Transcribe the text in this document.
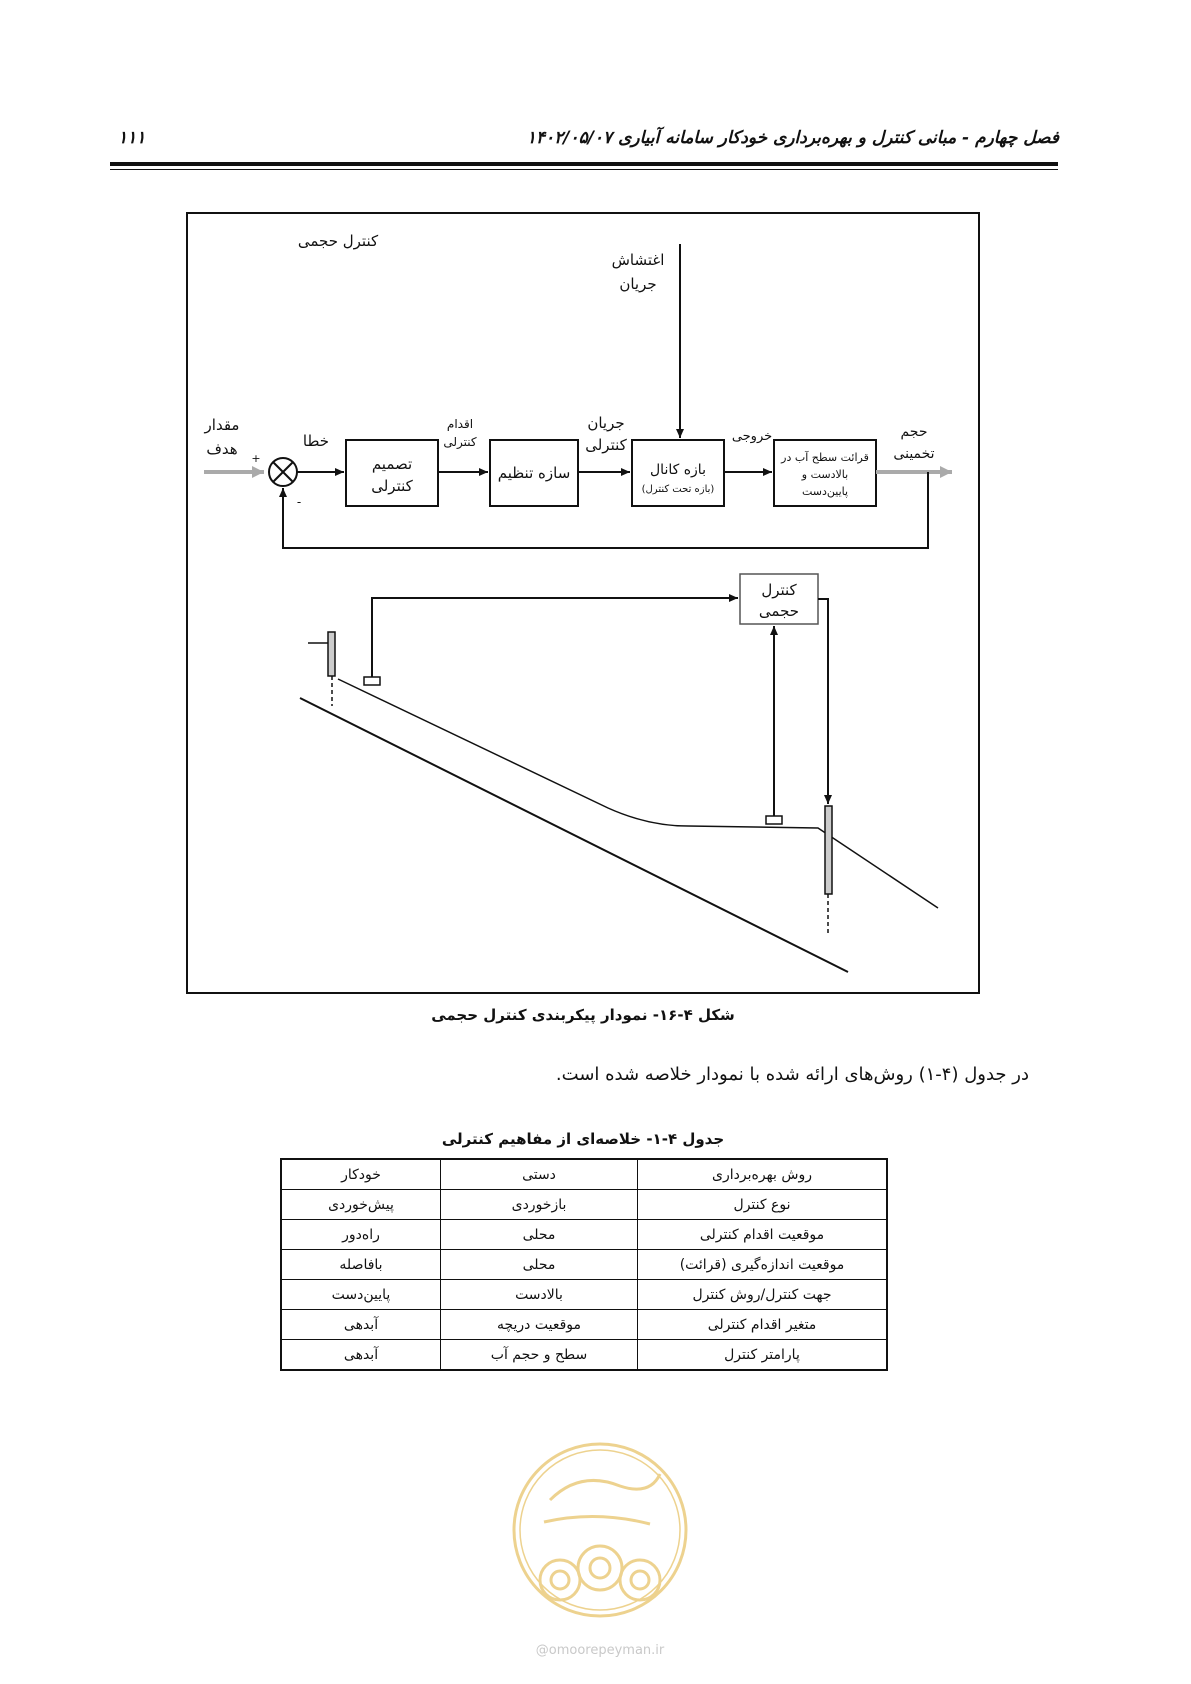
فصل چهارم - مبانی کنترل و بهره‌برداری خودکار سامانه آبیاری ۱۴۰۲/۰۵/۰۷
۱۱۱
کنترل حجمی
اغتشاش
جریان
مقدار
هدف
+
-
خطا
تصمیم
کنترلی
اقدام
کنترلی
سازه تنظیم
جریان
کنترلی
بازه کانال
(بازه تحت کنترل)
خروجی
قرائت سطح آب در
بالادست و
پایین‌دست
حجم
تخمینی
کنترل
حجمی
شکل ۴-۱۶- نمودار پیکربندی کنترل حجمی
در جدول (۴-۱) روش‌های ارائه شده با نمودار خلاصه شده است.
جدول ۴-۱- خلاصه‌ای از مفاهیم کنترلی
روش بهره‌برداری	دستی	خودکار
نوع کنترل	بازخوردی	پیش‌خوردی
موقعیت اقدام کنترلی	محلی	راه‌دور
موقعیت اندازه‌گیری (قرائت)	محلی	بافاصله
جهت کنترل/روش کنترل	بالادست	پایین‌دست
متغیر اقدام کنترلی	موقعیت دریچه	آبدهی
پارامتر کنترل	سطح و حجم آب	آبدهی
@omoorepeyman.ir
